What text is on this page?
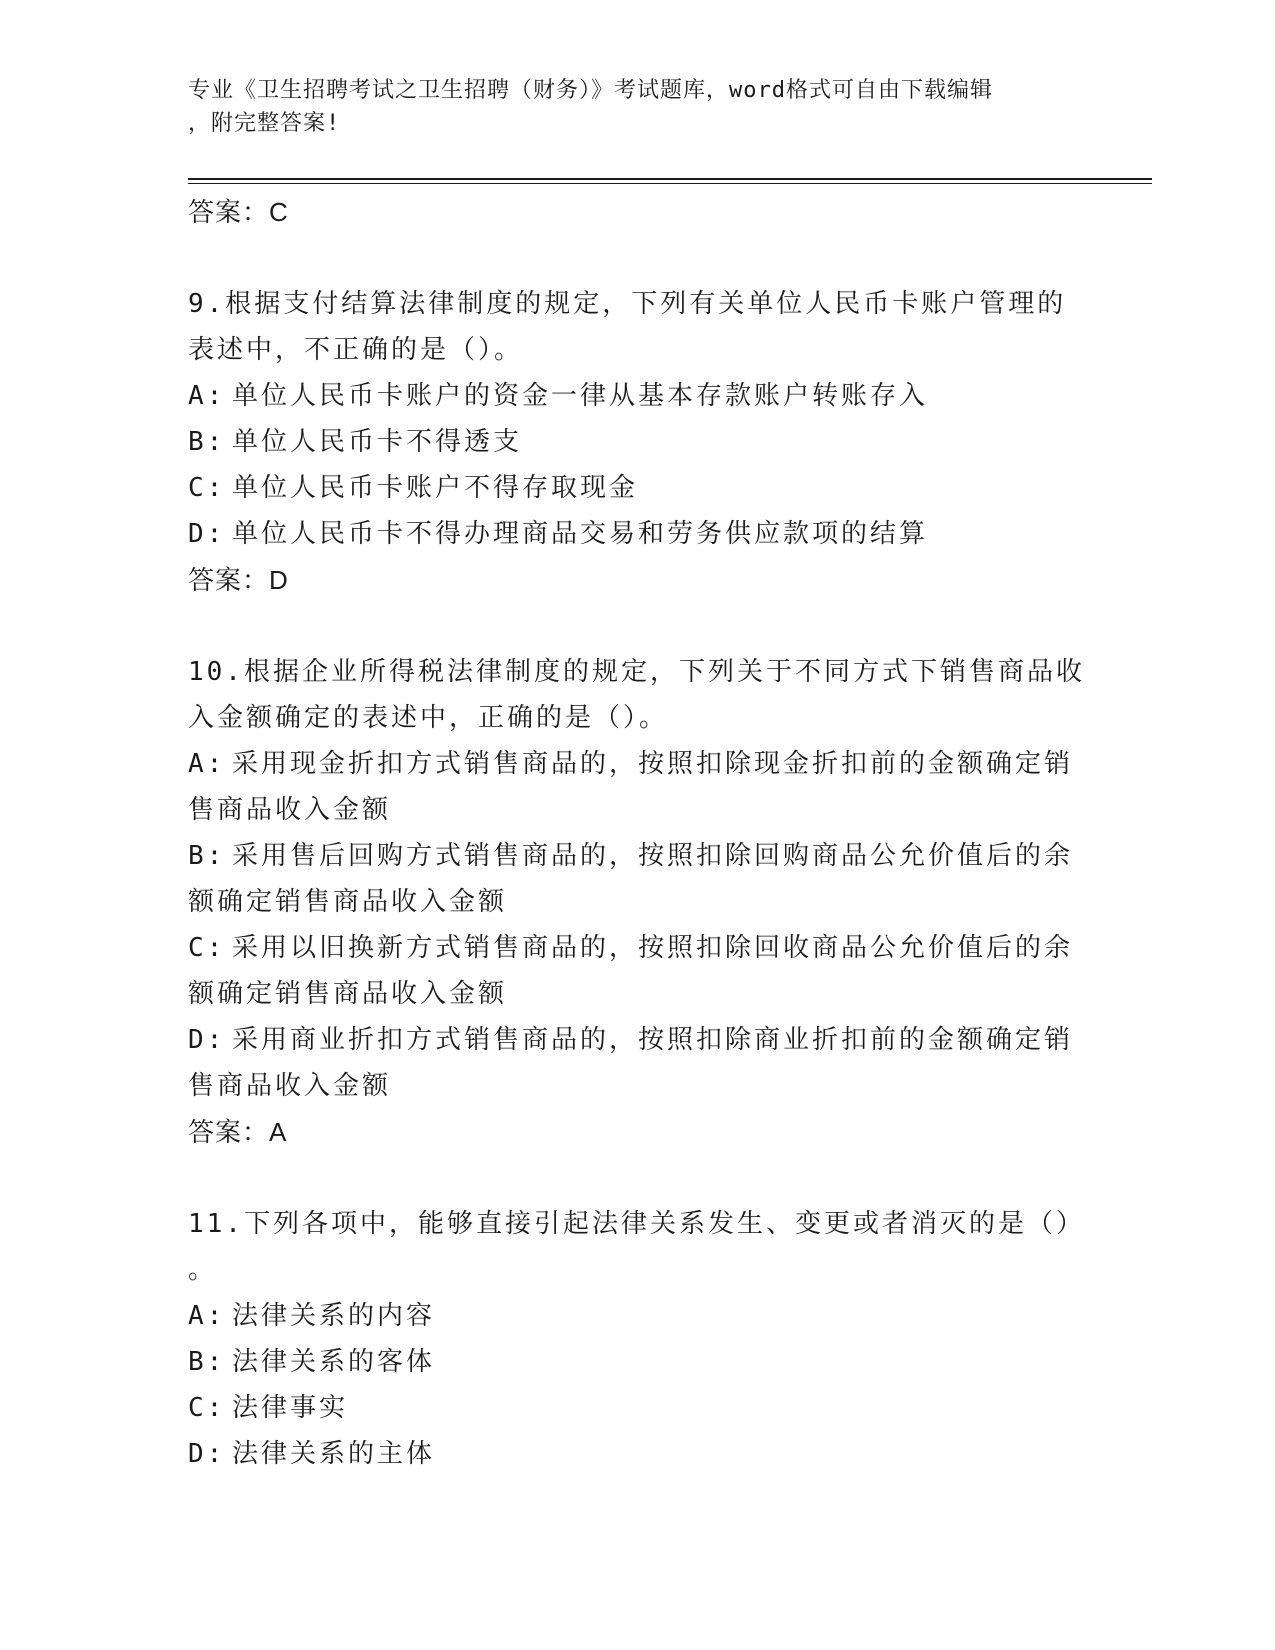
专业《卫生招聘考试之卫生招聘（财务）》考试题库，word格式可自由下载编辑
，附完整答案!

答案：C

9.根据支付结算法律制度的规定，下列有关单位人民币卡账户管理的

表述中，不正确的是（）。

A: 单位人民币卡账户的资金一律从基本存款账户转账存入

B: 单位人民币卡不得透支

C: 单位人民币卡账户不得存取现金

D: 单位人民币卡不得办理商品交易和劳务供应款项的结算

答案：D

10.根据企业所得税法律制度的规定，下列关于不同方式下销售商品收

入金额确定的表述中，正确的是（）。

A: 采用现金折扣方式销售商品的，按照扣除现金折扣前的金额确定销

售商品收入金额

B: 采用售后回购方式销售商品的，按照扣除回购商品公允价值后的余

额确定销售商品收入金额

C: 采用以旧换新方式销售商品的，按照扣除回收商品公允价值后的余

额确定销售商品收入金额

D: 采用商业折扣方式销售商品的，按照扣除商业折扣前的金额确定销

售商品收入金额

答案：A

11.下列各项中，能够直接引起法律关系发生、变更或者消灭的是（）

。

A: 法律关系的内容

B: 法律关系的客体

C: 法律事实

D: 法律关系的主体
